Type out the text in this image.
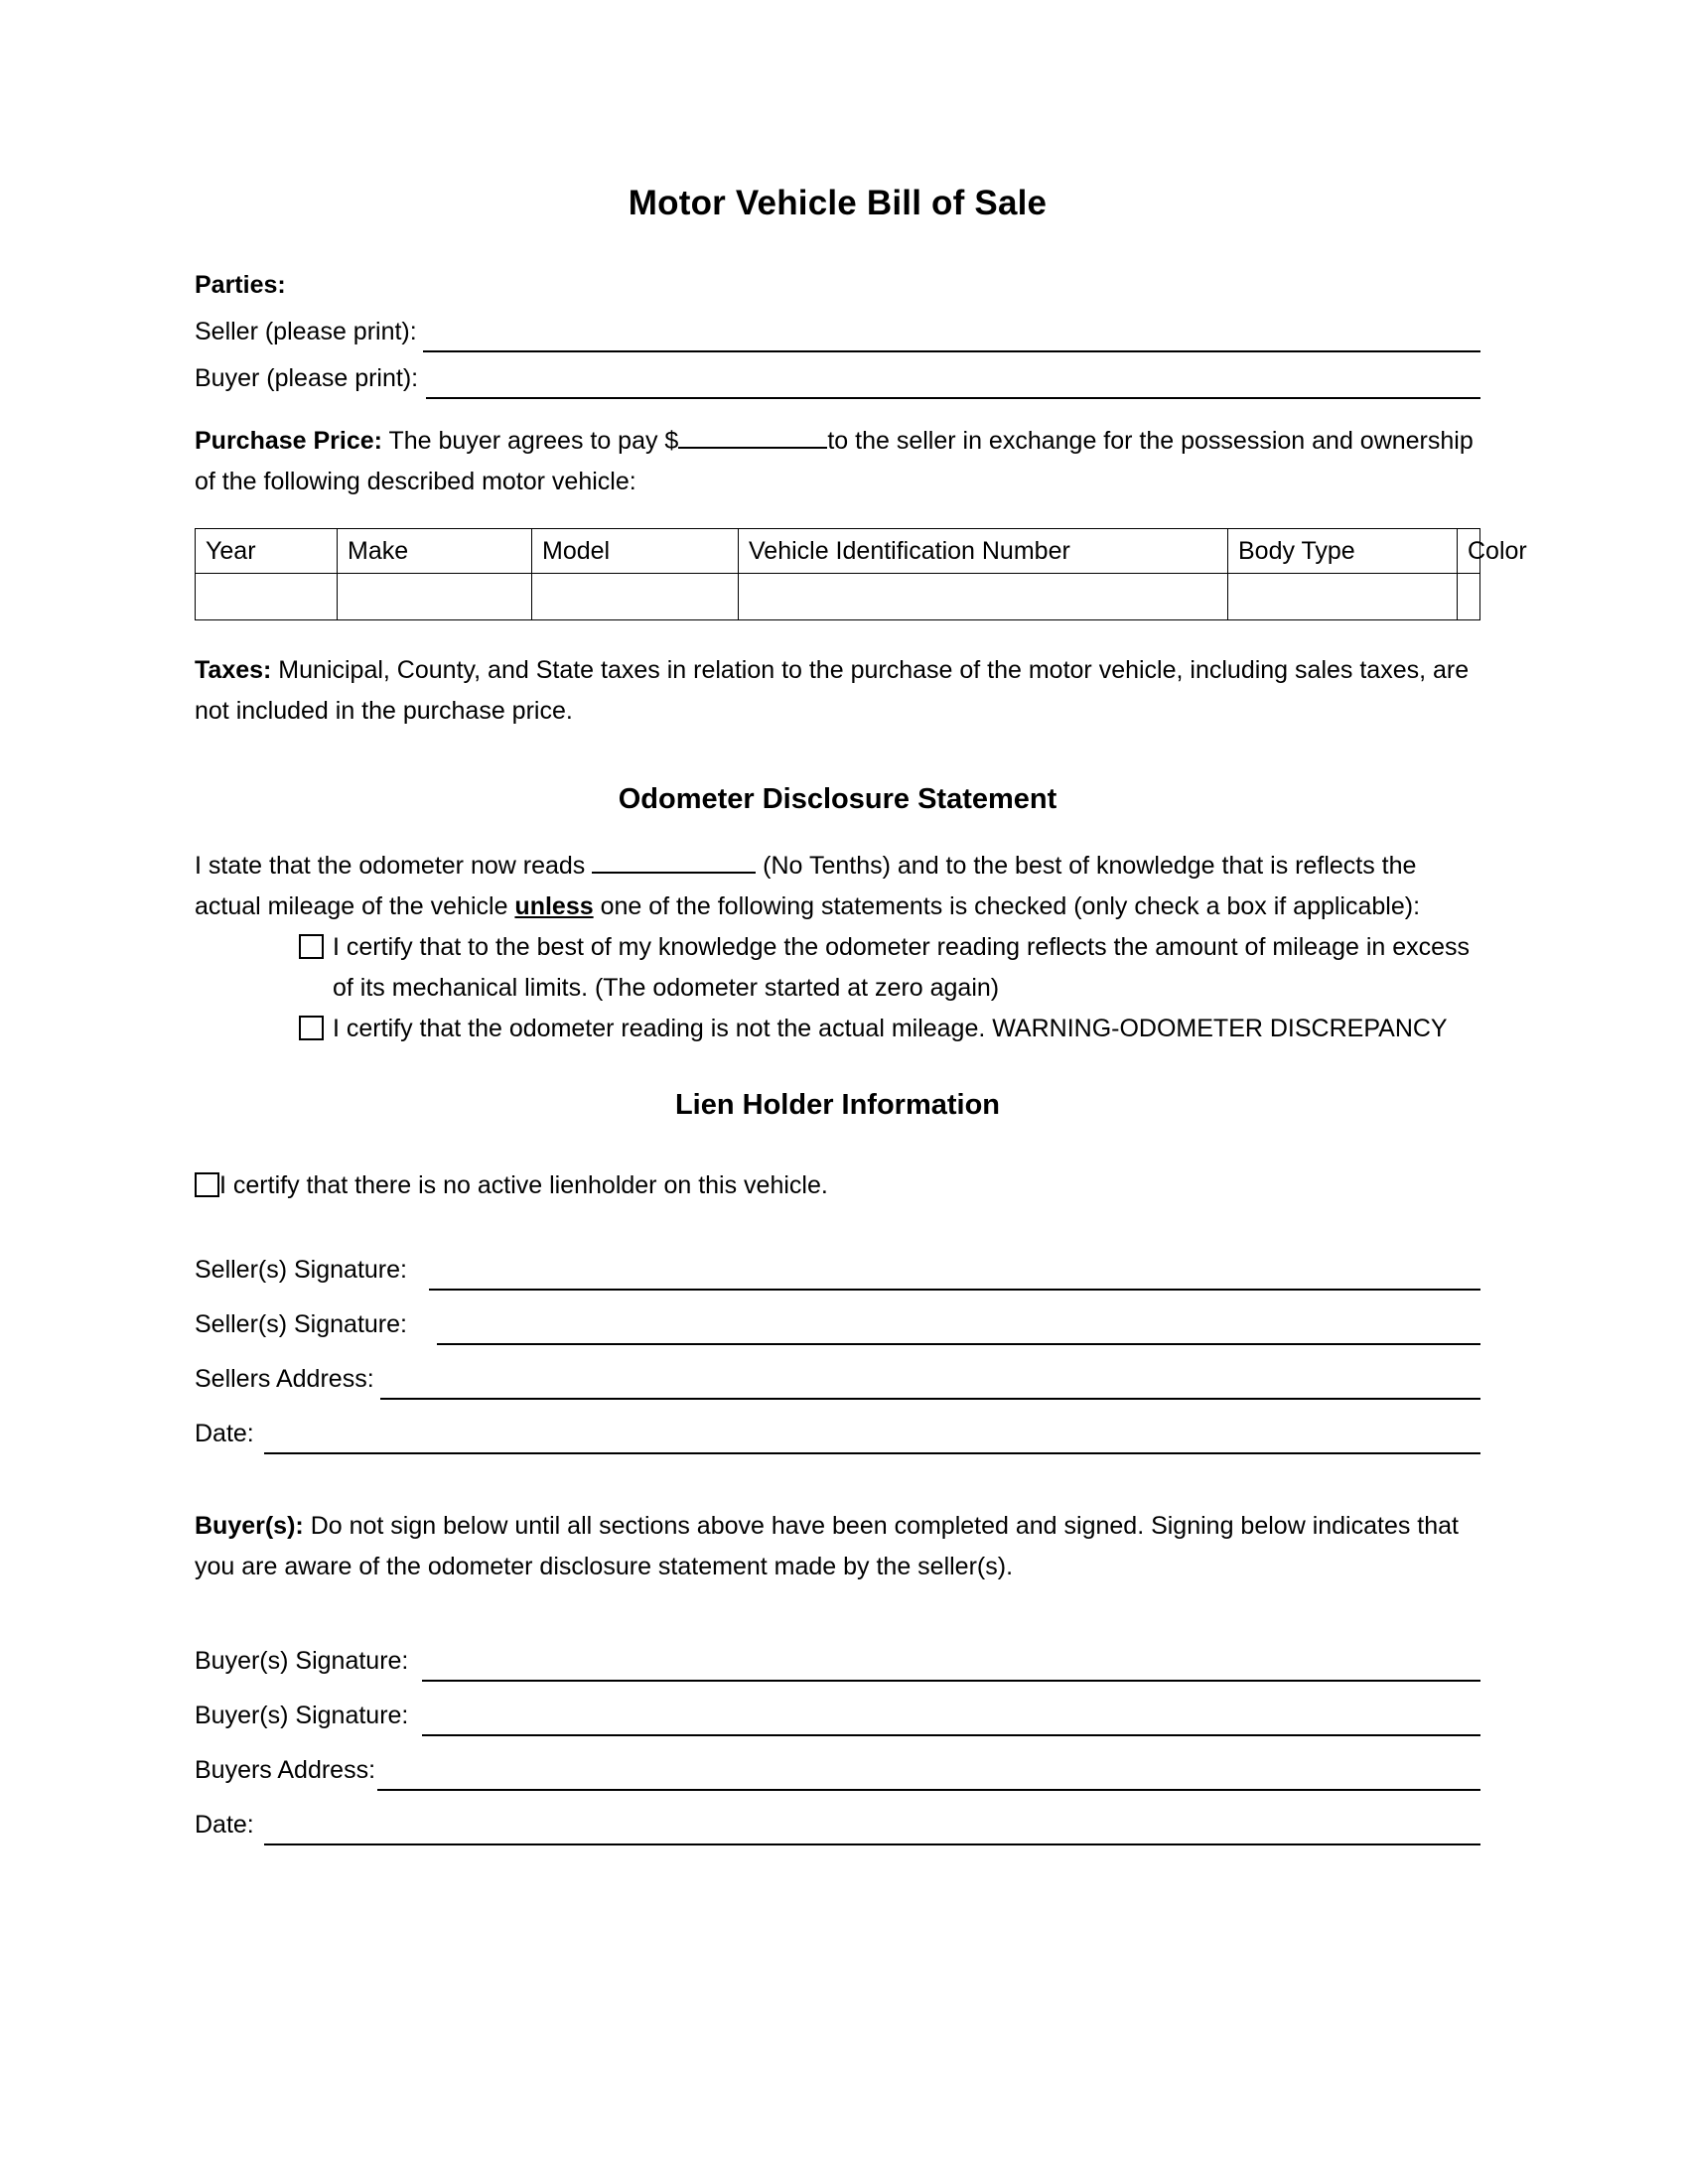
Motor Vehicle Bill of Sale
Parties:
Seller (please print):
Buyer (please print):

Purchase Price: The buyer agrees to pay $	to the seller in exchange for the possession and ownership of the following described motor vehicle:

Year	Make	Model	Vehicle Identification Number	Body Type	Color

Taxes: Municipal, County, and State taxes in relation to the purchase of the motor vehicle, including sales taxes, are not included in the purchase price.

Odometer Disclosure Statement

I state that the odometer now reads	(No Tenths) and to the best of knowledge that is reflects the actual mileage of the vehicle unless one of the following statements is checked (only check a box if applicable):

I certify that to the best of my knowledge the odometer reading reflects the amount of mileage in excess of its mechanical limits. (The odometer started at zero again)
I certify that the odometer reading is not the actual mileage. WARNING-ODOMETER DISCREPANCY
Lien Holder Information
I certify that there is no active lienholder on this vehicle.
Seller(s) Signature:
Seller(s) Signature:
Sellers Address:
Date:

Buyer(s): Do not sign below until all sections above have been completed and signed. Signing below indicates that you are aware of the odometer disclosure statement made by the seller(s).

Buyer(s) Signature:
Buyer(s) Signature:
Buyers Address:
Date:
